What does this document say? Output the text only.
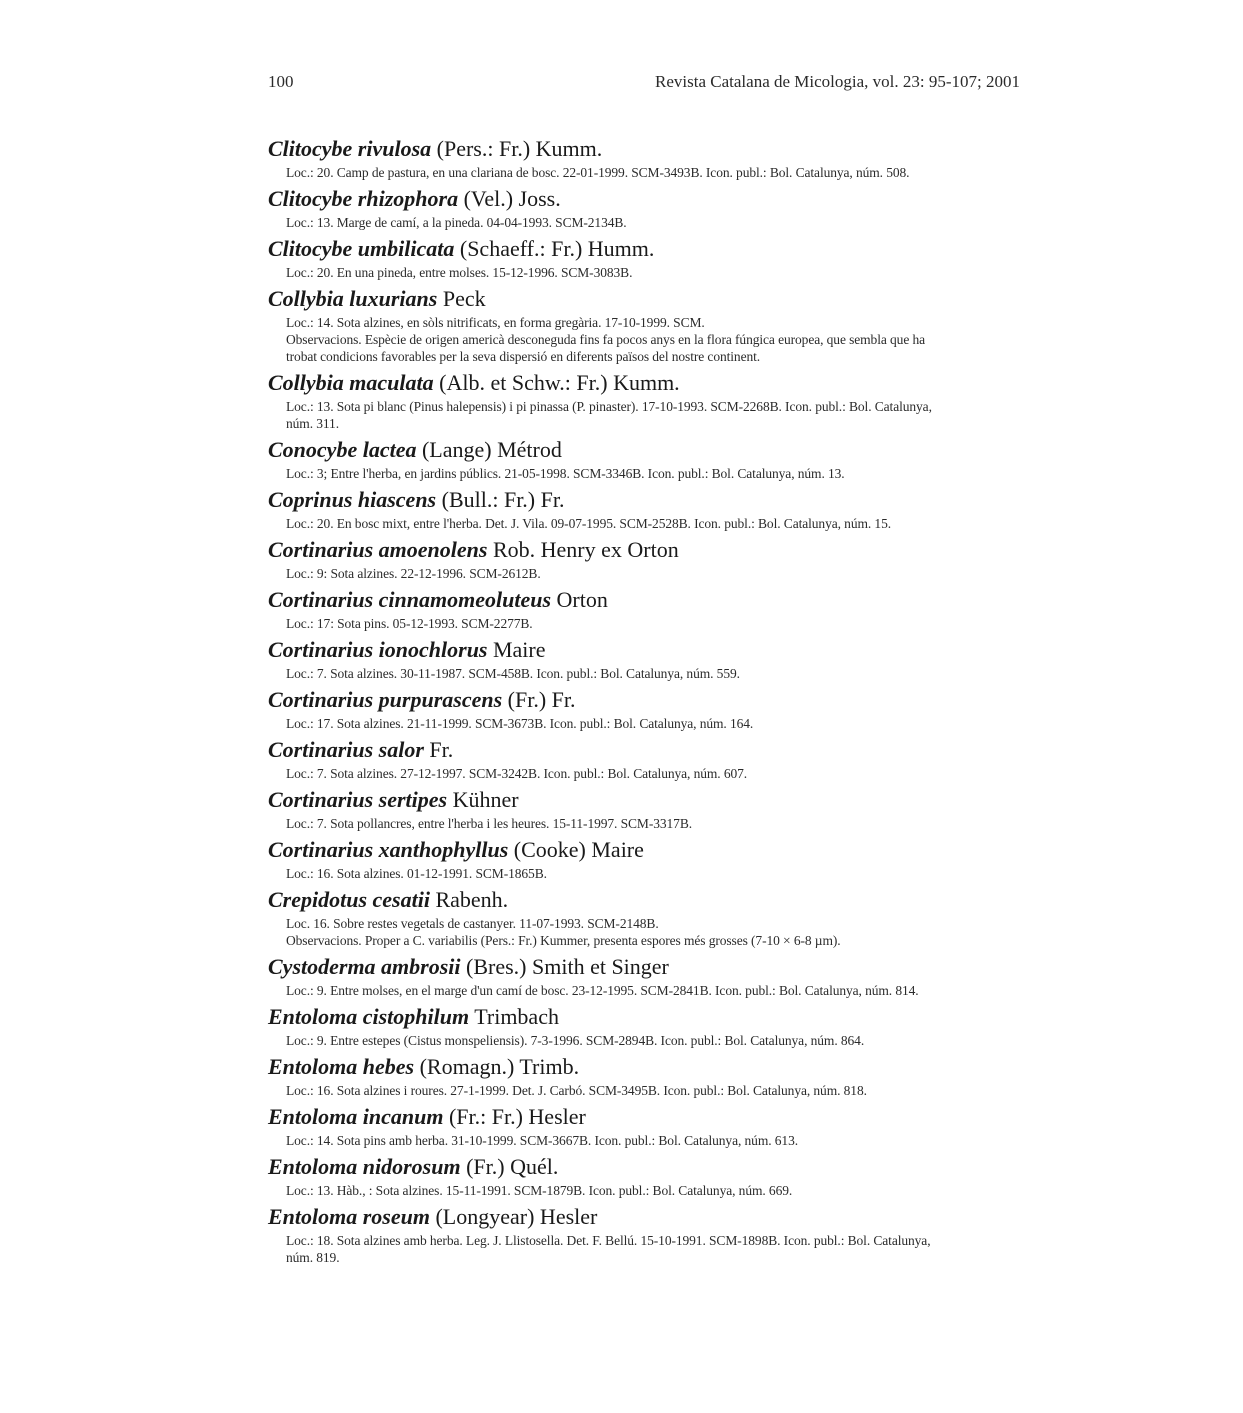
100	Revista Catalana de Micologia, vol. 23: 95-107; 2001
Clitocybe rivulosa (Pers.: Fr.) Kumm.
Loc.: 20. Camp de pastura, en una clariana de bosc. 22-01-1999. SCM-3493B. Icon. publ.: Bol. Catalunya, núm. 508.
Clitocybe rhizophora (Vel.) Joss.
Loc.: 13. Marge de camí, a la pineda. 04-04-1993. SCM-2134B.
Clitocybe umbilicata (Schaeff.: Fr.) Humm.
Loc.: 20. En una pineda, entre molses. 15-12-1996. SCM-3083B.
Collybia luxurians Peck
Loc.: 14. Sota alzines, en sòls nitrificats, en forma gregària. 17-10-1999. SCM.
Observacions. Espècie de origen americà desconeguda fins fa pocos anys en la flora fúngica europea, que sembla que ha
trobat condicions favorables per la seva dispersió en diferents països del nostre continent.
Collybia maculata (Alb. et Schw.: Fr.) Kumm.
Loc.: 13. Sota pi blanc (Pinus halepensis) i pi pinassa (P. pinaster). 17-10-1993. SCM-2268B. Icon. publ.: Bol. Catalunya,
núm. 311.
Conocybe lactea (Lange) Métrod
Loc.: 3; Entre l'herba, en jardins públics. 21-05-1998. SCM-3346B. Icon. publ.: Bol. Catalunya, núm. 13.
Coprinus hiascens (Bull.: Fr.) Fr.
Loc.: 20. En bosc mixt, entre l'herba. Det. J. Vila. 09-07-1995. SCM-2528B. Icon. publ.: Bol. Catalunya, núm. 15.
Cortinarius amoenolens Rob. Henry ex Orton
Loc.: 9: Sota alzines. 22-12-1996. SCM-2612B.
Cortinarius cinnamomeoluteus Orton
Loc.: 17: Sota pins. 05-12-1993. SCM-2277B.
Cortinarius ionochlorus Maire
Loc.: 7. Sota alzines. 30-11-1987. SCM-458B. Icon. publ.: Bol. Catalunya, núm. 559.
Cortinarius purpurascens (Fr.) Fr.
Loc.: 17. Sota alzines. 21-11-1999. SCM-3673B. Icon. publ.: Bol. Catalunya, núm. 164.
Cortinarius salor Fr.
Loc.: 7. Sota alzines. 27-12-1997. SCM-3242B. Icon. publ.: Bol. Catalunya, núm. 607.
Cortinarius sertipes Kühner
Loc.: 7. Sota pollancres, entre l'herba i les heures. 15-11-1997. SCM-3317B.
Cortinarius xanthophyllus (Cooke) Maire
Loc.: 16. Sota alzines. 01-12-1991. SCM-1865B.
Crepidotus cesatii Rabenh.
Loc. 16. Sobre restes vegetals de castanyer. 11-07-1993. SCM-2148B.
Observacions. Proper a C. variabilis (Pers.: Fr.) Kummer, presenta espores més grosses (7-10 × 6-8 µm).
Cystoderma ambrosii (Bres.) Smith et Singer
Loc.: 9. Entre molses, en el marge d'un camí de bosc. 23-12-1995. SCM-2841B. Icon. publ.: Bol. Catalunya, núm. 814.
Entoloma cistophilum Trimbach
Loc.: 9. Entre estepes (Cistus monspeliensis). 7-3-1996. SCM-2894B. Icon. publ.: Bol. Catalunya, núm. 864.
Entoloma hebes (Romagn.) Trimb.
Loc.: 16. Sota alzines i roures. 27-1-1999. Det. J. Carbó. SCM-3495B. Icon. publ.: Bol. Catalunya, núm. 818.
Entoloma incanum (Fr.: Fr.) Hesler
Loc.: 14. Sota pins amb herba. 31-10-1999. SCM-3667B. Icon. publ.: Bol. Catalunya, núm. 613.
Entoloma nidorosum (Fr.) Quél.
Loc.: 13. Hàb., : Sota alzines. 15-11-1991. SCM-1879B. Icon. publ.: Bol. Catalunya, núm. 669.
Entoloma roseum (Longyear) Hesler
Loc.: 18. Sota alzines amb herba. Leg. J. Llistosella. Det. F. Bellú. 15-10-1991. SCM-1898B. Icon. publ.: Bol. Catalunya,
núm. 819.
